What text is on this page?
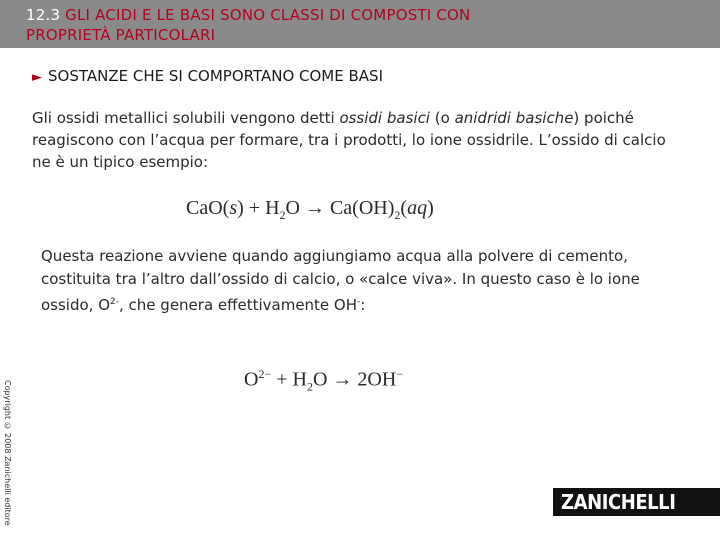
12.3 GLI ACIDI E LE BASI SONO CLASSI DI COMPOSTI CON
PROPRIETÀ PARTICOLARI
► SOSTANZE CHE SI COMPORTANO COME BASI
Gli ossidi metallici solubili vengono detti ossidi basici (o anidridi basiche) poiché reagiscono con l’acqua per formare, tra i prodotti, lo ione ossidrile. L’ossido di calcio ne è un tipico esempio:
$CaO(s) + H_2O \to Ca(OH)_2(aq)$
Questa reazione avviene quando aggiungiamo acqua alla polvere di cemento, costituita tra l’altro dall’ossido di calcio, o «calce viva». In questo caso è lo ione ossido, $O^{2-}$, che genera effettivamente OH-:
$O^{2-} + H_2O \to 2OH^-$
Copyright © 2008 Zanichelli editore	ZANICHELLI
